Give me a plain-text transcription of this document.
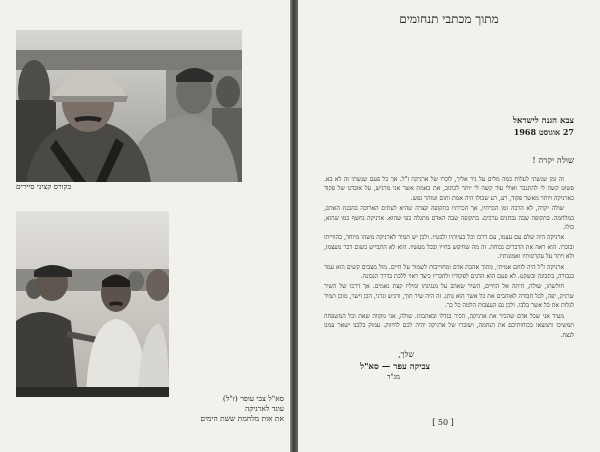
בקורס קציני סיירים
סא"ל צבי עופר (ז"ל)
עונד לארניקה
את אות מלחמת ששת הימים
מתוך מכתבי תנחומים
צבא הגנה לישראל
27 אוגוסט 1968
שולה יקרה !

זה זמן שנשתי לעלות כמה מלים על ניר אליך, לוכרו של ארניקה ז"ל. אך כל פעם שנשתי זה לא בא. פשוט קשה לי להתגבר ואולי עוד קשה לי יותר לכתוב, את באמת אשר אני מרגיש, על אובדנו של פקוד כארניקה ויותר מאשר פקוד, רע, רע שכולו היה אמת ותום וטוהר נפש.

שולה יקרה, לא הרבה זמן הכרתיו, אך הכרתיו בתקופה קצרה שהיא לעתים הארוכה בהבנת האדם, במלחמה. בתקופה שבה נבחנים ערכים. בתקופה שבה האדם מתגלה כפי שהוא. ארניקה נחשף כמו שהוא, כולו.

ארניקה היה שלם עם עצמו, עם דרכו וכל בעיותיו ולבטיו. ולכן יש תמיד לארניקה משהו מיוחד, בהווייתו ובזכרו. הוא ראה את הדברים נכוחה. זה מה שחיפש בחייו ובכל מעשיו. הוא לא התבייש בשום דבר מעצמו, ולא ויתר על עקרונותיו ואמונותיו.

ארניקה ז"ל היה לוחם אמיתי, מתוך אהבת אדם ומחוייבות לשמור על חיים. מול מצבים קשים הוא עמד בגבורה, בתבונה ובשקט. לא פעם הוא הדגים לפקודיו ולחבריו כיצד ראוי ללכת בדרך הנכונה.

חולשתו, שולה, היתה אל החיים, השיר שאהב על מנגינתו ומיליו קצת נאמים. אך דרכו של השיר שרניק, יפה, לכל חבורה לאוהבים את כל אשר הוא נותן. זה היה שיר תוך, ורגיש וגרני, הכן וישר, מוכן תמיד לגלות את כל אשר בלבו. ולכן גם העצבות הלמה כל כך.

מעיד אני שכל אדם שהכיר את ארניקה, הכיר בגדלו ובאהבתו. שולה, אני מקווה שאת וכל המשפחה תמשיכו ותמצאו בכוחותיכם את הנחמה, ושזכרו של ארניקה יהיה לכם לחיזוק. עמוק בלבנו ישאר עמנו לנצח.

שלך,
צביקה עפר — סא"ל
מג"ד
[ 50 ]
